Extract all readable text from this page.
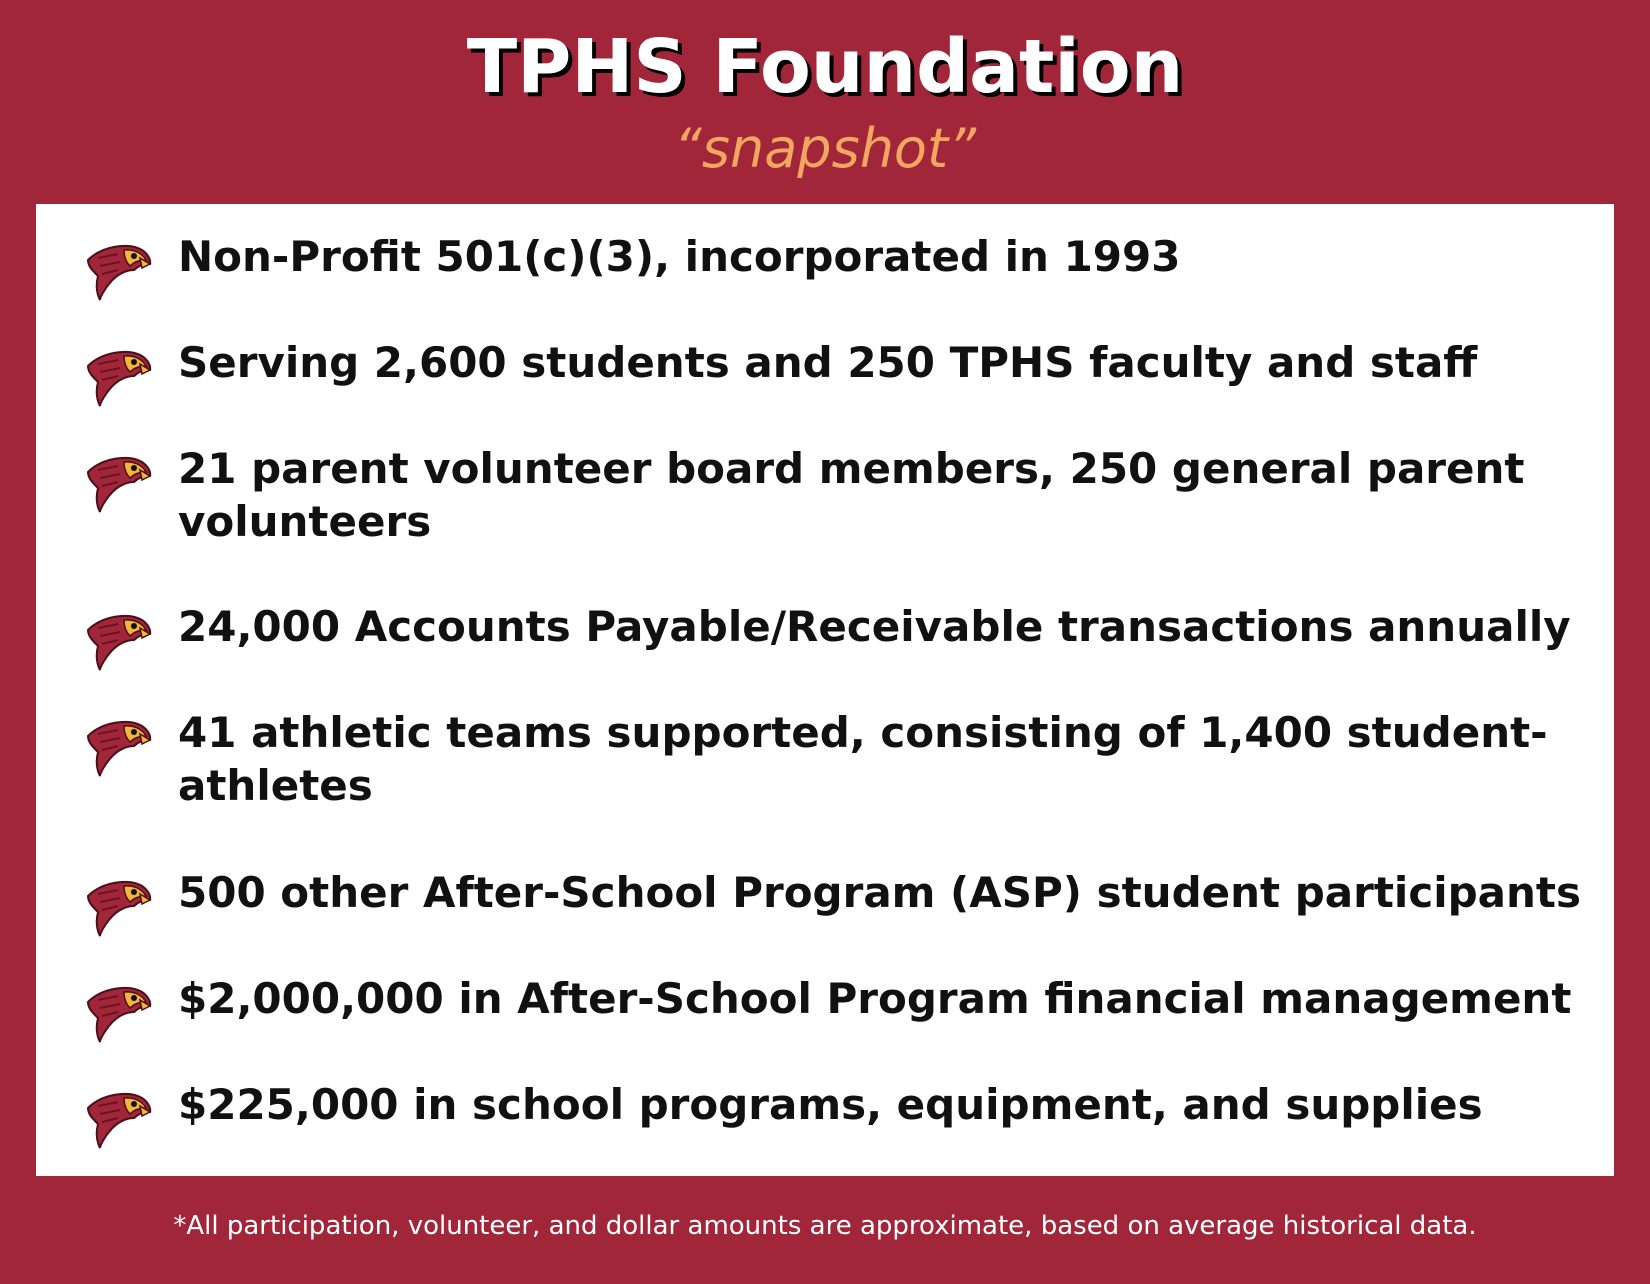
TPHS Foundation
“snapshot”
Non-Profit 501(c)(3), incorporated in 1993
Serving 2,600 students and 250 TPHS faculty and staff
21 parent volunteer board members, 250 general parent volunteers
24,000 Accounts Payable/Receivable transactions annually
41 athletic teams supported, consisting of 1,400 student-athletes
500 other After-School Program (ASP) student participants
$2,000,000 in After-School Program financial management
$225,000 in school programs, equipment, and supplies
*All participation, volunteer, and dollar amounts are approximate, based on average historical data.
